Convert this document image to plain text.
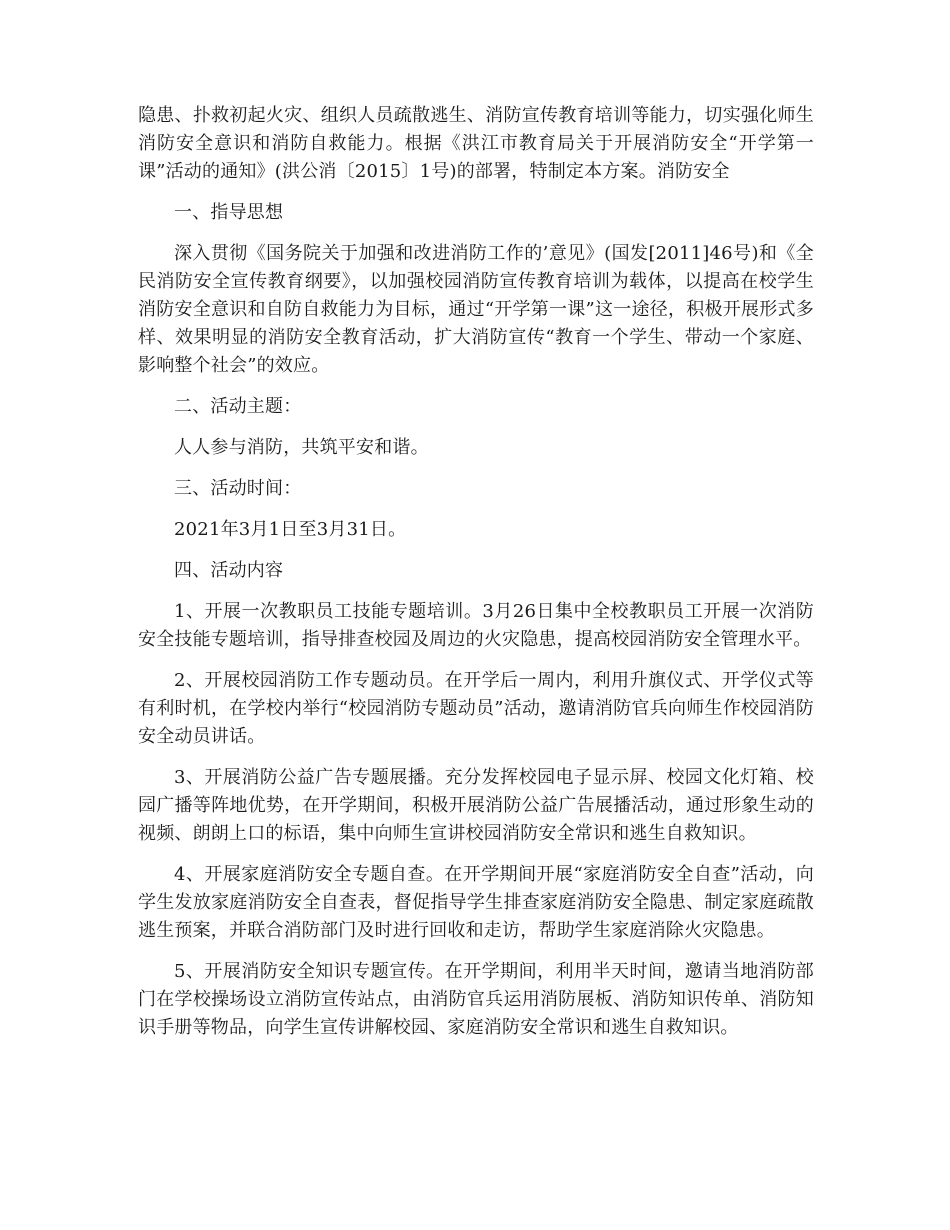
隐患、扑救初起火灾、组织人员疏散逃生、消防宣传教育培训等能力，切实强化师生消防安全意识和消防自救能力。根据《洪江市教育局关于开展消防安全“开学第一课”活动的通知》(洪公消〔2015〕1号)的部署，特制定本方案。消防安全

一、指导思想

深入贯彻《国务院关于加强和改进消防工作的’意见》(国发[2011]46号)和《全民消防安全宣传教育纲要》，以加强校园消防宣传教育培训为载体，以提高在校学生消防安全意识和自防自救能力为目标，通过“开学第一课”这一途径，积极开展形式多样、效果明显的消防安全教育活动，扩大消防宣传“教育一个学生、带动一个家庭、影响整个社会”的效应。

二、活动主题：

人人参与消防，共筑平安和谐。

三、活动时间：

2021年3月1日至3月31日。

四、活动内容

1、开展一次教职员工技能专题培训。3月26日集中全校教职员工开展一次消防安全技能专题培训，指导排查校园及周边的火灾隐患，提高校园消防安全管理水平。

2、开展校园消防工作专题动员。在开学后一周内，利用升旗仪式、开学仪式等有利时机，在学校内举行“校园消防专题动员”活动，邀请消防官兵向师生作校园消防安全动员讲话。

3、开展消防公益广告专题展播。充分发挥校园电子显示屏、校园文化灯箱、校园广播等阵地优势，在开学期间，积极开展消防公益广告展播活动，通过形象生动的视频、朗朗上口的标语，集中向师生宣讲校园消防安全常识和逃生自救知识。

4、开展家庭消防安全专题自查。在开学期间开展“家庭消防安全自查”活动，向学生发放家庭消防安全自查表，督促指导学生排查家庭消防安全隐患、制定家庭疏散逃生预案，并联合消防部门及时进行回收和走访，帮助学生家庭消除火灾隐患。

5、开展消防安全知识专题宣传。在开学期间，利用半天时间，邀请当地消防部门在学校操场设立消防宣传站点，由消防官兵运用消防展板、消防知识传单、消防知识手册等物品，向学生宣传讲解校园、家庭消防安全常识和逃生自救知识。
